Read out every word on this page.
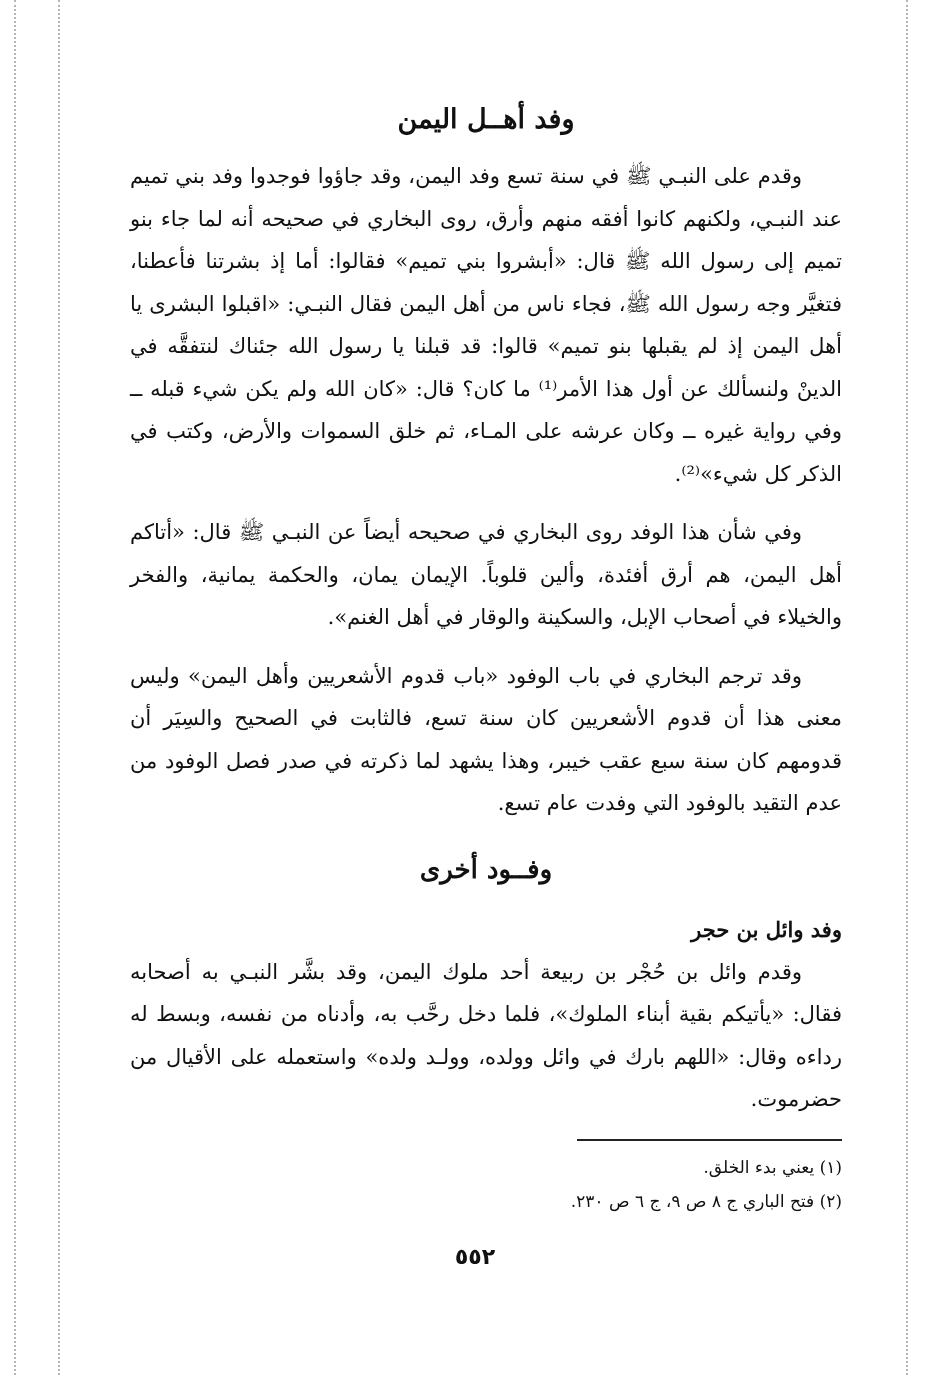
وفد أهــل اليمن

وقدم على النبـي ﷺ في سنة تسع وفد اليمن، وقد جاؤوا فوجدوا وفد بني تميم عند النبـي، ولكنهم كانوا أفقه منهم وأرق، روى البخاري في صحيحه أنه لما جاء بنو تميم إلى رسول الله ﷺ قال: «أبشروا بني تميم» فقالوا: أما إذ بشرتنا فأعطنا، فتغيَّر وجه رسول الله ﷺ، فجاء ناس من أهل اليمن فقال النبـي: «اقبلوا البشرى يا أهل اليمن إذ لم يقبلها بنو تميم» قالوا: قد قبلنا يا رسول الله جئناك لنتفقَّه في الدينْ ولنسألك عن أول هذا الأمر⁽¹⁾ ما كان؟ قال: «كان الله ولم يكن شيء قبله ــ وفي رواية غيره ــ وكان عرشه على المـاء، ثم خلق السموات والأرض، وكتب في الذكر كل شيء»⁽²⁾.

وفي شأن هذا الوفد روى البخاري في صحيحه أيضاً عن النبـي ﷺ قال: «أتاكم أهل اليمن، هم أرق أفئدة، وألين قلوباً. الإيمان يمان، والحكمة يمانية، والفخر والخيلاء في أصحاب الإبل، والسكينة والوقار في أهل الغنم».

وقد ترجم البخاري في باب الوفود «باب قدوم الأشعريين وأهل اليمن» وليس معنى هذا أن قدوم الأشعريين كان سنة تسع، فالثابت في الصحيح والسِيَر أن قدومهم كان سنة سبع عقب خيبر، وهذا يشهد لما ذكرته في صدر فصل الوفود من عدم التقيد بالوفود التي وفدت عام تسع.

وفــود أخرى
وفد وائل بن حجر

وقدم وائل بن حُجْر بن ربيعة أحد ملوك اليمن، وقد بشَّر النبـي به أصحابه فقال: «يأتيكم بقية أبناء الملوك»، فلما دخل رحَّب به، وأدناه من نفسه، وبسط له رداءه وقال: «اللهم بارك في وائل وولده، وولـد ولده» واستعمله على الأقيال من حضرموت.

(١) يعني بدء الخلق.
(٢) فتح الباري ج ٨ ص ٩، ج ٦ ص ٢٣٠.
٥٥٢
